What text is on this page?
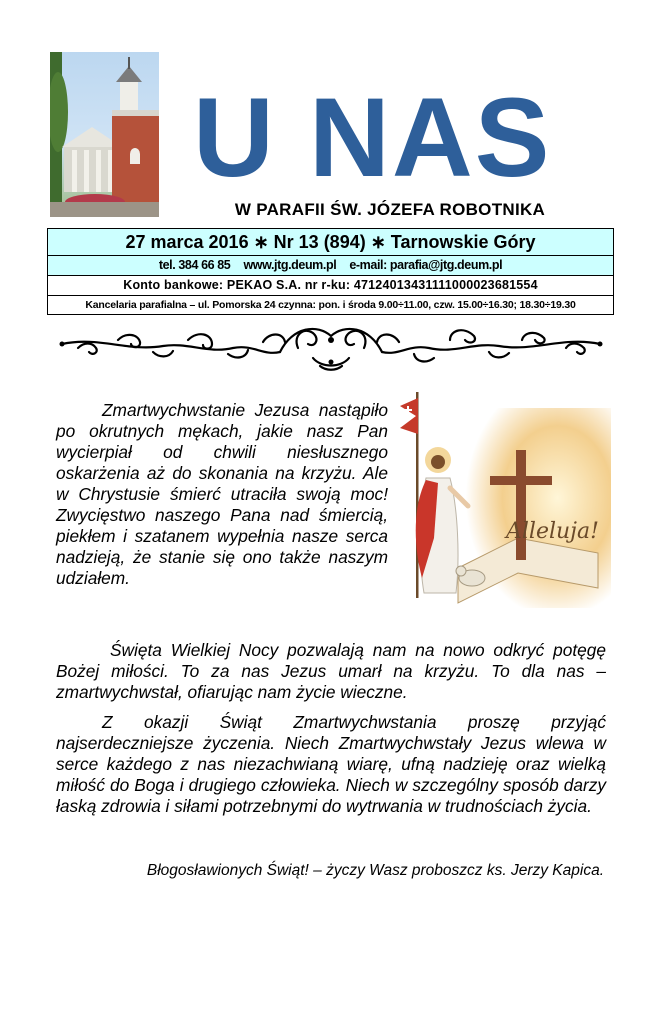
U NAS
W PARAFII ŚW. JÓZEFA ROBOTNIKA
27 marca 2016 ∗ Nr 13 (894) ∗ Tarnowskie Góry
tel. 384 66 85 www.jtg.deum.pl e-mail: parafia@jtg.deum.pl
Konto bankowe: PEKAO S.A. nr r-ku: 47124013431111000023681554
Kancelaria parafialna – ul. Pomorska 24 czynna: pon. i środa 9.00÷11.00, czw. 15.00÷16.30; 18.30÷19.30
Alleluja!

Zmartwychwstanie Jezusa nastąpiło po okrutnych mękach, jakie nasz Pan wycierpiał od chwili niesłusznego oskarżenia aż do skonania na krzyżu. Ale w Chrystusie śmierć utraciła swoją moc! Zwycięstwo naszego Pana nad śmiercią, piekłem i szatanem wypełnia nasze serca nadzieją, że stanie się ono także naszym udziałem.

Święta Wielkiej Nocy pozwalają nam na nowo odkryć potęgę Bożej miłości. To za nas Jezus umarł na krzyżu. To dla nas – zmartwychwstał, ofiarując nam życie wieczne.

Z okazji Świąt Zmartwychwstania proszę przyjąć najserdeczniejsze życzenia. Niech Zmartwychwstały Jezus wlewa w serce każdego z nas niezachwianą wiarę, ufną nadzieję oraz wielką miłość do Boga i drugiego człowieka. Niech w szczególny sposób darzy łaską zdrowia i siłami potrzebnymi do wytrwania w trudnościach życia.

Błogosławionych Świąt! – życzy Wasz proboszcz ks. Jerzy Kapica.
